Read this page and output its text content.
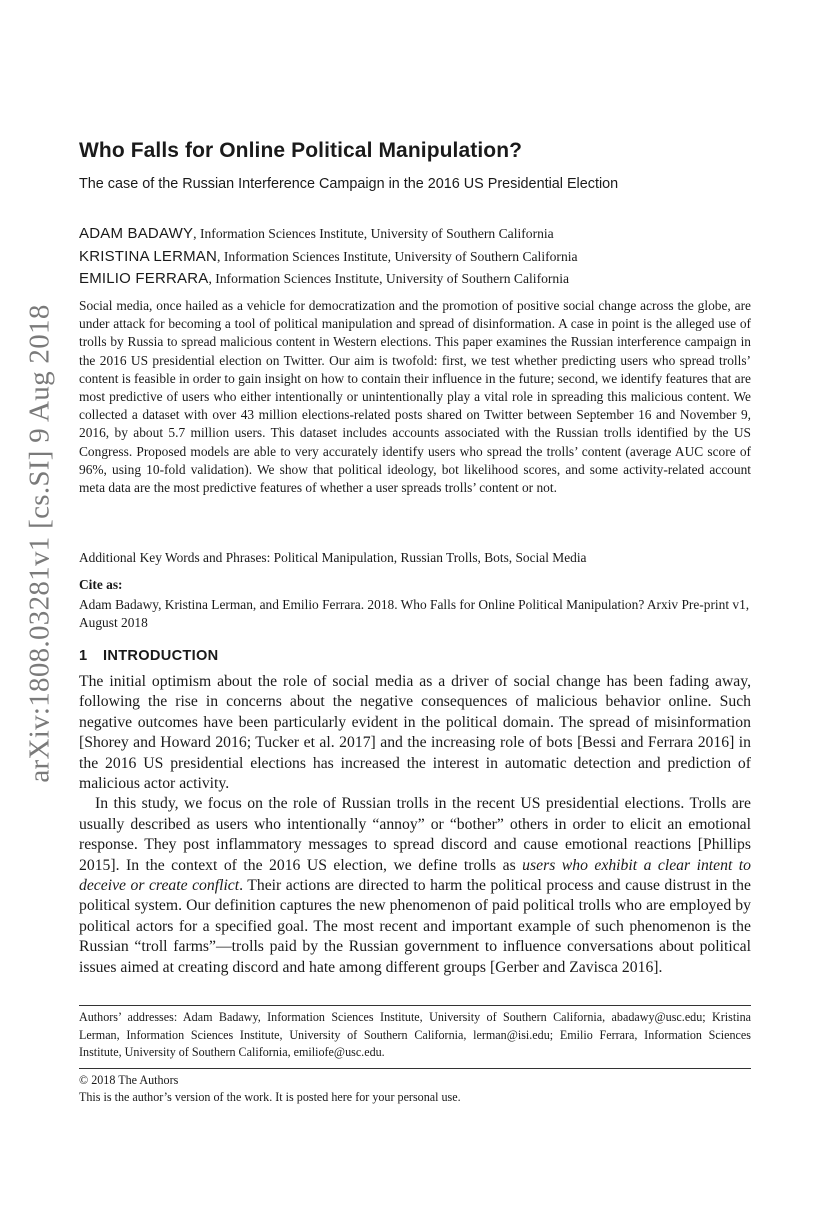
arXiv:1808.03281v1 [cs.SI] 9 Aug 2018
Who Falls for Online Political Manipulation?
The case of the Russian Interference Campaign in the 2016 US Presidential Election
ADAM BADAWY, Information Sciences Institute, University of Southern California
KRISTINA LERMAN, Information Sciences Institute, University of Southern California
EMILIO FERRARA, Information Sciences Institute, University of Southern California

Social media, once hailed as a vehicle for democratization and the promotion of positive social change across the globe, are under attack for becoming a tool of political manipulation and spread of disinformation. A case in point is the alleged use of trolls by Russia to spread malicious content in Western elections. This paper examines the Russian interference campaign in the 2016 US presidential election on Twitter. Our aim is twofold: first, we test whether predicting users who spread trolls’ content is feasible in order to gain insight on how to contain their influence in the future; second, we identify features that are most predictive of users who either intentionally or unintentionally play a vital role in spreading this malicious content. We collected a dataset with over 43 million elections-related posts shared on Twitter between September 16 and November 9, 2016, by about 5.7 million users. This dataset includes accounts associated with the Russian trolls identified by the US Congress. Proposed models are able to very accurately identify users who spread the trolls’ content (average AUC score of 96%, using 10-fold validation). We show that political ideology, bot likelihood scores, and some activity-related account meta data are the most predictive features of whether a user spreads trolls’ content or not.

Additional Key Words and Phrases: Political Manipulation, Russian Trolls, Bots, Social Media
Cite as:

Adam Badawy, Kristina Lerman, and Emilio Ferrara. 2018. Who Falls for Online Political Manipulation? Arxiv Pre-print v1, August 2018

1 INTRODUCTION

The initial optimism about the role of social media as a driver of social change has been fading away, following the rise in concerns about the negative consequences of malicious behavior online. Such negative outcomes have been particularly evident in the political domain. The spread of misinformation [Shorey and Howard 2016; Tucker et al. 2017] and the increasing role of bots [Bessi and Ferrara 2016] in the 2016 US presidential elections has increased the interest in automatic detection and prediction of malicious actor activity.

In this study, we focus on the role of Russian trolls in the recent US presidential elections. Trolls are usually described as users who intentionally “annoy” or “bother” others in order to elicit an emotional response. They post inflammatory messages to spread discord and cause emotional reactions [Phillips 2015]. In the context of the 2016 US election, we define trolls as users who exhibit a clear intent to deceive or create conflict. Their actions are directed to harm the political process and cause distrust in the political system. Our definition captures the new phenomenon of paid political trolls who are employed by political actors for a specified goal. The most recent and important example of such phenomenon is the Russian “troll farms”—trolls paid by the Russian government to influence conversations about political issues aimed at creating discord and hate among different groups [Gerber and Zavisca 2016].

Authors’ addresses: Adam Badawy, Information Sciences Institute, University of Southern California, abadawy@usc.edu; Kristina Lerman, Information Sciences Institute, University of Southern California, lerman@isi.edu; Emilio Ferrara, Information Sciences Institute, University of Southern California, emiliofe@usc.edu.

© 2018 The Authors
This is the author’s version of the work. It is posted here for your personal use.
